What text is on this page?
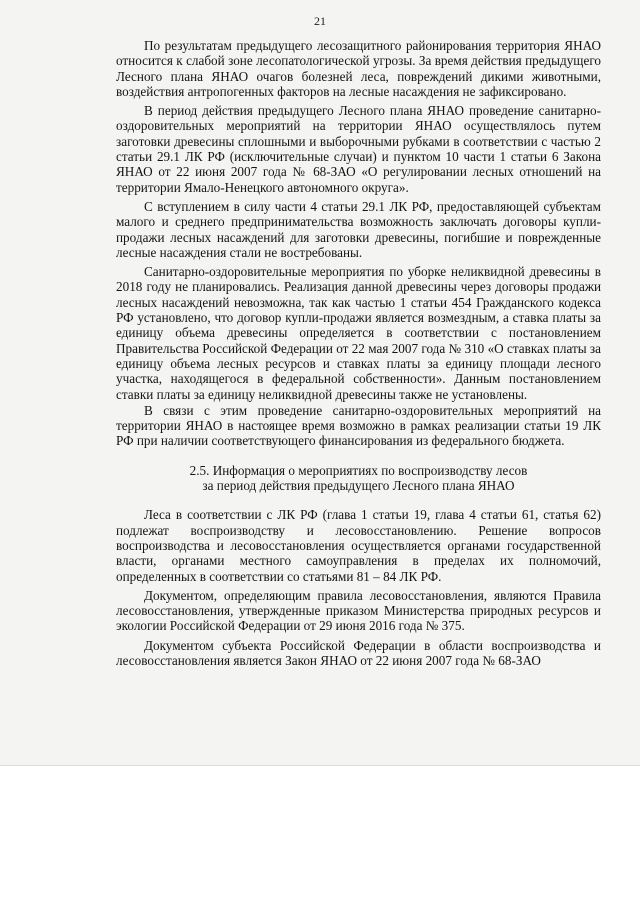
21

По результатам предыдущего лесозащитного районирования территория ЯНАО относится к слабой зоне лесопатологической угрозы. За время действия предыдущего Лесного плана ЯНАО очагов болезней леса, повреждений дикими животными, воздействия антропогенных факторов на лесные насаждения не зафиксировано.

В период действия предыдущего Лесного плана ЯНАО проведение санитарно-оздоровительных мероприятий на территории ЯНАО осуществлялось путем заготовки древесины сплошными и выборочными рубками в соответствии с частью 2 статьи 29.1 ЛК РФ (исключительные случаи) и пунктом 10 части 1 статьи 6 Закона ЯНАО от 22 июня 2007 года № 68-ЗАО «О регулировании лесных отношений на территории Ямало-Ненецкого автономного округа».

С вступлением в силу части 4 статьи 29.1 ЛК РФ, предоставляющей субъектам малого и среднего предпринимательства возможность заключать договоры купли-продажи лесных насаждений для заготовки древесины, погибшие и поврежденные лесные насаждения стали не востребованы.

Санитарно-оздоровительные мероприятия по уборке неликвидной древесины в 2018 году не планировались. Реализация данной древесины через договоры продажи лесных насаждений невозможна, так как частью 1 статьи 454 Гражданского кодекса РФ установлено, что договор купли-продажи является возмездным, а ставка платы за единицу объема древесины определяется в соответствии с постановлением Правительства Российской Федерации от 22 мая 2007 года № 310 «О ставках платы за единицу объема лесных ресурсов и ставках платы за единицу площади лесного участка, находящегося в федеральной собственности». Данным постановлением ставки платы за единицу неликвидной древесины также не установлены.

В связи с этим проведение санитарно-оздоровительных мероприятий на территории ЯНАО в настоящее время возможно в рамках реализации статьи 19 ЛК РФ при наличии соответствующего финансирования из федерального бюджета.

2.5. Информация о мероприятиях по воспроизводству лесов
за период действия предыдущего Лесного плана ЯНАО

Леса в соответствии с ЛК РФ (глава 1 статьи 19, глава 4 статьи 61, статья 62) подлежат воспроизводству и лесовосстановлению. Решение вопросов воспроизводства и лесовосстановления осуществляется органами государственной власти, органами местного самоуправления в пределах их полномочий, определенных в соответствии со статьями 81 – 84 ЛК РФ.

Документом, определяющим правила лесовосстановления, являются Правила лесовосстановления, утвержденные приказом Министерства природных ресурсов и экологии Российской Федерации от 29 июня 2016 года № 375.

Документом субъекта Российской Федерации в области воспроизводства и лесовосстановления является Закон ЯНАО от 22 июня 2007 года № 68-ЗАО
